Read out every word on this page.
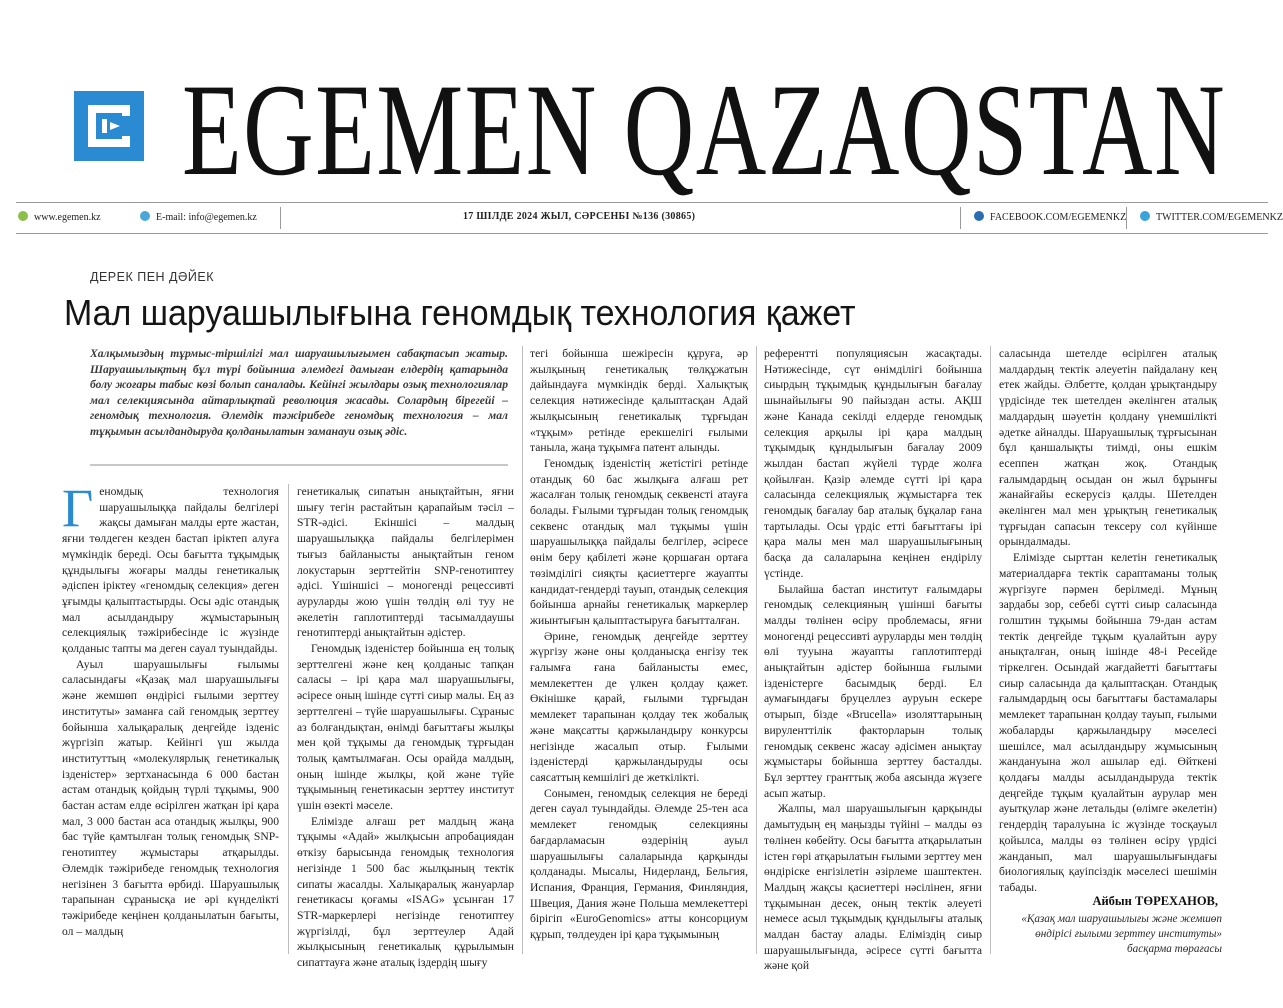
EGEMEN QAZAQSTAN
www.egemen.kz	E-mail: info@egemen.kz	17 ШІЛДЕ 2024 ЖЫЛ, СӘРСЕНБІ №136 (30865)	FACEBOOK.COM/EGEMENKZ	TWITTER.COM/EGEMENKZ
ДЕРЕК ПЕН ДӘЙЕК
Мал шаруашылығына геномдық технология қажет
Халқымыздың тұрмыс-тіршілігі мал шаруашылығымен сабақтасып жатыр. Шаруашылықтың бұл түрі бойынша әлемдегі дамыған елдердің қатарында болу жоғары табыс көзі болып саналады. Кейінгі жылдары озық технологиялар мал селекциясында айтарлықтай революция жасады. Солардың бірегейі – геномдық технология. Әлемдік тәжірибеде геномдық технология – мал тұқымын асылдандыруда қолданылатын заманауи озық әдіс.

Геномдық технология шаруашылыққа пайдалы белгілері жақсы дамыған малды ерте жастан, яғни төлдеген кезден бастап іріктеп алуға мүмкіндік береді. Осы бағытта тұқымдық құндылығы жоғары малды генетикалық әдіспен іріктеу «геномдық селекция» деген ұғымды қалыптастырды. Осы әдіс отандық мал асылдандыру жұмыстарының селекциялық тәжірибесінде іс жүзінде қолданыс тапты ма деген сауал туындайды.

Ауыл шаруашылығы ғылымы саласындағы «Қазақ мал шаруашылығы және жемшөп өндірісі ғылыми зерттеу институты» заманға сай геномдық зерттеу бойынша халықаралық деңгейде ізденіс жүргізіп жатыр. Кейінгі үш жылда институттың «молекулярлық генетикалық ізденістер» зертханасында 6 000 бастан астам отандық қойдың түрлі тұқымы, 900 бастан астам елде өсірілген жатқан ірі қара мал, 3 000 бастан аса отандық жылқы, 900 бас түйе қамтылған толық геномдық SNP-генотиптеу жұмыстары атқарылды. Әлемдік тәжірибеде геномдық технология негізінен 3 бағытта өрбиді. Шаруашылық тарапынан сұранысқа ие әрі күнделікті тәжірибеде кеңінен қолданылатын бағыты, ол – малдың

генетикалық сипатын анықтайтын, яғни шығу тегін растайтын қарапайым тәсіл – STR-әдісі. Екіншісі – малдың шаруашылыққа пайдалы белгілерімен тығыз байланысты анықтайтын геном локустарын зерттейтін SNP-генотиптеу әдісі. Үшіншісі – моногенді рецессивті ауруларды жою үшін төлдің өлі туу не әкелетін гаплотиптерді тасымалдаушы генотиптерді анықтайтын әдістер.

Геномдық ізденістер бойынша ең толық зерттелгені және кең қолданыс тапқан саласы – ірі қара мал шаруашылығы, әсіресе оның ішінде сүтті сиыр малы. Ең аз зерттелгені – түйе шаруашылығы. Сұраныс аз болғандықтан, өнімді бағыттағы жылқы мен қой тұқымы да геномдық тұрғыдан толық қамтылмаған. Осы орайда малдың, оның ішінде жылқы, қой және түйе тұқымының генетикасын зерттеу институт үшін өзекті мәселе.

Елімізде алғаш рет малдың жаңа тұқымы «Адай» жылқысын апробациядан өткізу барысында геномдық технология негізінде 1 500 бас жылқының тектік сипаты жасалды. Халықаралық жануарлар генетикасы қоғамы «ISAG» ұсынған 17 STR-маркерлері негізінде генотиптеу жүргізілді, бұл зерттеулер Адай жылқысының генетикалық құрылымын сипаттауға және аталық іздердің шығу

тегі бойынша шежіресін құруға, әр жылқының генетикалық төлқұжатын дайындауға мүмкіндік берді. Халықтық селекция нәтижесінде қалыптасқан Адай жылқысының генетикалық тұрғыдан «тұқым» ретінде ерекшелігі ғылыми таныла, жаңа тұқымға патент алынды.

Геномдық ізденістің жетістігі ретінде отандық 60 бас жылқыға алғаш рет жасалған толық геномдық секвенсті атауға болады. Ғылыми тұрғыдан толық геномдық секвенс отандық мал тұқымы үшін шаруашылыққа пайдалы белгілер, әсіресе өнім беру қабілеті және қоршаған ортаға төзімділігі сияқты қасиеттерге жауапты кандидат-гендерді тауып, отандық селекция бойынша арнайы генетикалық маркерлер жиынтығын қалыптастыруға бағытталған.

Әрине, геномдық деңгейде зерттеу жүргізу және оны қолданысқа енгізу тек ғалымға ғана байланысты емес, мемлекеттен де үлкен қолдау қажет. Өкінішке қарай, ғылыми тұрғыдан мемлекет тарапынан қолдау тек жобалық және мақсатты қаржыландыру конкурсы негізінде жасалып отыр. Ғылыми ізденістерді қаржыландыруды осы саясаттың кемшілігі де жеткілікті.

Сонымен, геномдық селекция не береді деген сауал туындайды. Әлемде 25-тен аса мемлекет геномдық селекцияны бағдарламасын өздерінің ауыл шаруашылығы салаларында қарқынды қолданады. Мысалы, Нидерланд, Бельгия, Испания, Франция, Германия, Финляндия, Швеция, Дания және Польша мемлекеттері бірігіп «EuroGenomics» атты консорциум құрып, төлдеуден ірі қара тұқымының

референтті популяциясын жасақтады. Нәтижесінде, сүт өнімділігі бойынша сиырдың тұқымдық құндылығын бағалау шынайылығы 90 пайыздан асты. АҚШ және Канада секілді елдерде геномдық селекция арқылы ірі қара малдың тұқымдық құндылығын бағалау 2009 жылдан бастап жүйелі түрде жолға қойылған. Қазір әлемде сүтті ірі қара саласында селекциялық жұмыстарға тек геномдық бағалау бар аталық бұқалар ғана тартылады. Осы үрдіс етті бағыттағы ірі қара малы мен мал шаруашылығының басқа да салаларына кеңінен ендірілу үстінде.

Былайша бастап институт ғалымдары геномдық селекцияның үшінші бағыты малды төлінен өсіру проблемасы, яғни моногенді рецессивті ауруларды мен төлдің өлі тууына жауапты гаплотиптерді анықтайтын әдістер бойынша ғылыми ізденістерге басымдық берді. Ел аумағындағы бруцеллез ауруын ескере отырып, бізде «Brucella» изоляттарының вируленттілік факторларын толық геномдық секвенс жасау әдісімен анықтау жұмыстары бойынша зерттеу басталды. Бұл зерттеу гранттық жоба аясында жүзеге асып жатыр.

Жалпы, мал шаруашылығын қарқынды дамытудың ең маңызды түйіні – малды өз төлінен көбейту. Осы бағытта атқарылатын істен гөрі атқарылатын ғылыми зерттеу мен өндіріске енгізілетін әзірлеме шаштектен. Малдың жақсы қасиеттері нәсілінен, яғни тұқымынан десек, оның тектік әлеуеті немесе асыл тұқымдық құндылығы аталық малдан бастау алады. Еліміздің сиыр шаруашылығында, әсіресе сүтті бағытта және қой

саласында шетелде өсірілген аталық малдардың тектік әлеуетін пайдалану кең етек жайды. Әлбетте, қолдан ұрықтандыру үрдісінде тек шетелден әкелінген аталық малдардың шәуетін қолдану үнемшілікті әдетке айналды. Шаруашылық тұрғысынан бұл қаншалықты тиімді, оны ешкім есеппен жатқан жоқ. Отандық ғалымдардың осыдан он жыл бұрынғы жанайғайы ескерусіз қалды. Шетелден әкелінген мал мен ұрықтың генетикалық тұрғыдан сапасын тексеру сол күйінше орындалмады.

Елімізде сырттан келетін генетикалық материалдарға тектік сараптаманы толық жүргізуге пәрмен берілмеді. Мұның зардабы зор, себебі сүтті сиыр саласында голштин тұқымы бойынша 79-дан астам тектік деңгейде тұқым қуалайтын ауру анықталған, оның ішінде 48-і Ресейде тіркелген. Осындай жағдайетті бағыттағы сиыр саласында да қалыптасқан. Отандық ғалымдардың осы бағыттағы бастамалары мемлекет тарапынан қолдау тауып, ғылыми жобаларды қаржыландыру мәселесі шешілсе, мал асылдандыру жұмысының жандануына жол ашылар еді. Өйткені қолдағы малды асылдандыруда тектік деңгейде тұқым қуалайтын аурулар мен ауытқулар және летальды (өлімге әкелетін) гендердің таралуына іс жүзінде тосқауыл қойылса, малды өз төлінен өсіру үрдісі жанданып, мал шаруашылығындағы биологиялық қауіпсіздік мәселесі шешімін табады.

Айбын ТӨРЕХАНОВ,
«Қазақ мал шаруашылығы және жемшөп өндірісі ғылыми зерттеу институты» басқарма төрағасы
